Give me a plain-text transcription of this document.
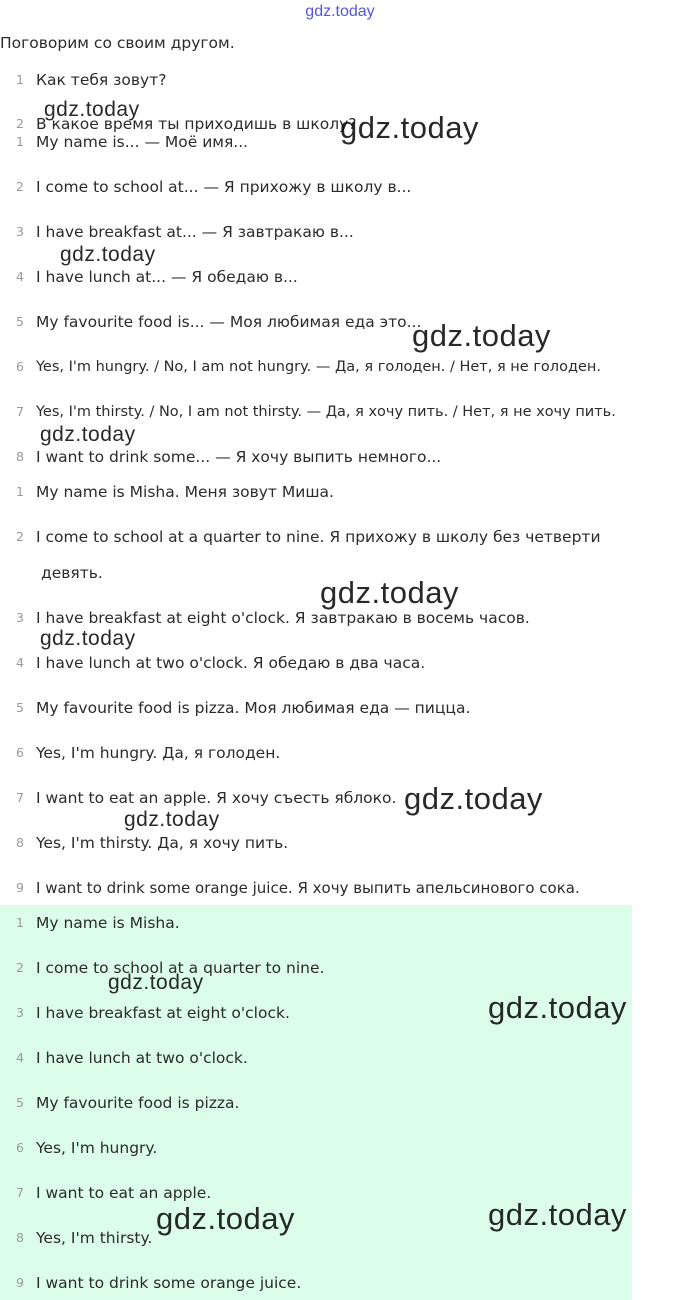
gdz.today
Поговорим со своим другом.
1 Как тебя зовут?
2 В какое время ты приходишь в школу?
1 My name is... — Моё имя...
2 I come to school at... — Я прихожу в школу в...
3 I have breakfast at... — Я завтракаю в...
4 I have lunch at... — Я обедаю в...
5 My favourite food is... — Моя любимая еда это...
6 Yes, I'm hungry. / No, I am not hungry. — Да, я голоден. / Нет, я не голоден.
7 Yes, I'm thirsty. / No, I am not thirsty. — Да, я хочу пить. / Нет, я не хочу пить.
8 I want to drink some... — Я хочу выпить немного...
1 My name is Misha. Меня зовут Миша.
2 I come to school at a quarter to nine. Я прихожу в школу без четверти
девять.
3 I have breakfast at eight o'clock. Я завтракаю в восемь часов.
4 I have lunch at two o'clock. Я обедаю в два часа.
5 My favourite food is pizza. Моя любимая еда — пицца.
6 Yes, I'm hungry. Да, я голоден.
7 I want to eat an apple. Я хочу съесть яблоко.
8 Yes, I'm thirsty. Да, я хочу пить.
9 I want to drink some orange juice. Я хочу выпить апельсинового сока.
1 My name is Misha.
2 I come to school at a quarter to nine.
3 I have breakfast at eight o'clock.
4 I have lunch at two o'clock.
5 My favourite food is pizza.
6 Yes, I'm hungry.
7 I want to eat an apple.
8 Yes, I'm thirsty.
9 I want to drink some orange juice.
gdz.today
gdz.today
gdz.today
gdz.today
gdz.today
gdz.today
gdz.today
gdz.today
gdz.today
gdz.today
gdz.today
gdz.today	gdz.today
